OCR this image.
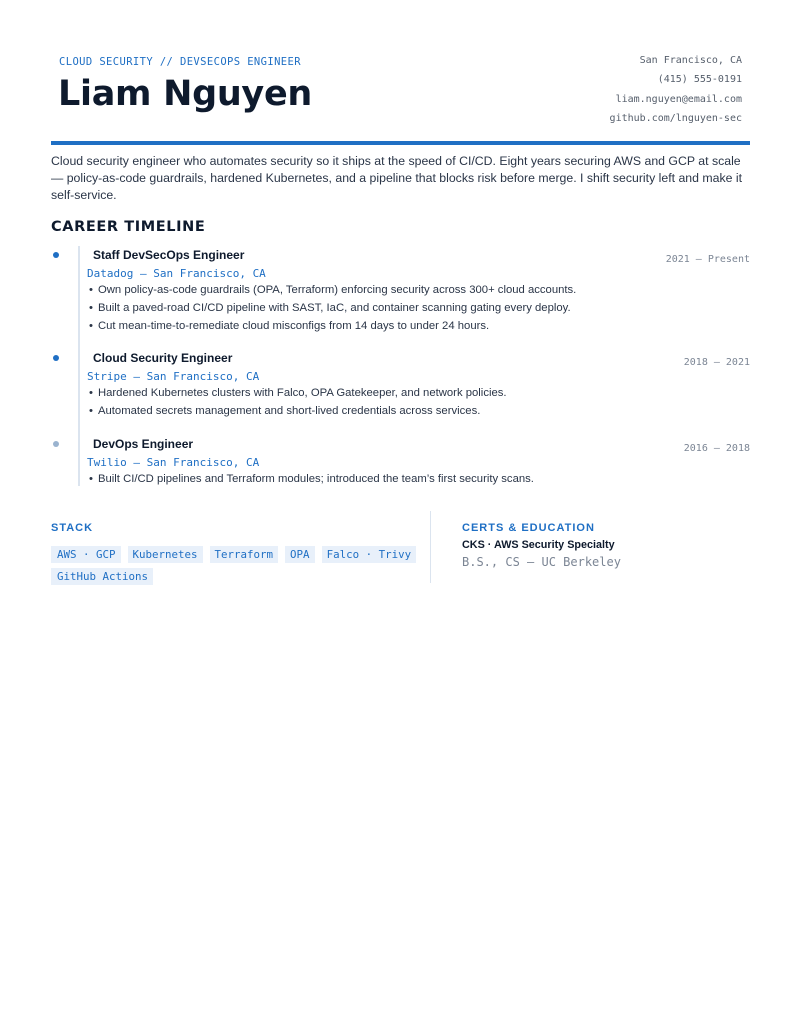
CLOUD SECURITY // DEVSECOPS ENGINEER
Liam Nguyen
San Francisco, CA
(415) 555-0191
liam.nguyen@email.com
github.com/lnguyen-sec

Cloud security engineer who automates security so it ships at the speed of CI/CD. Eight years securing AWS and GCP at scale — policy-as-code guardrails, hardened Kubernetes, and a pipeline that blocks risk before merge. I shift security left and make it self-service.

CAREER TIMELINE
Staff DevSecOps Engineer	2021 – Present
Datadog — San Francisco, CA
• Own policy-as-code guardrails (OPA, Terraform) enforcing security across 300+ cloud accounts.
• Built a paved-road CI/CD pipeline with SAST, IaC, and container scanning gating every deploy.
• Cut mean-time-to-remediate cloud misconfigs from 14 days to under 24 hours.
Cloud Security Engineer	2018 – 2021
Stripe — San Francisco, CA
• Hardened Kubernetes clusters with Falco, OPA Gatekeeper, and network policies.
• Automated secrets management and short-lived credentials across services.
DevOps Engineer	2016 – 2018
Twilio — San Francisco, CA
• Built CI/CD pipelines and Terraform modules; introduced the team’s first security scans.
STACK
AWS · GCP	Kubernetes	Terraform	OPA	Falco · Trivy
GitHub Actions
CERTS & EDUCATION
CKS · AWS Security Specialty
B.S., CS — UC Berkeley
